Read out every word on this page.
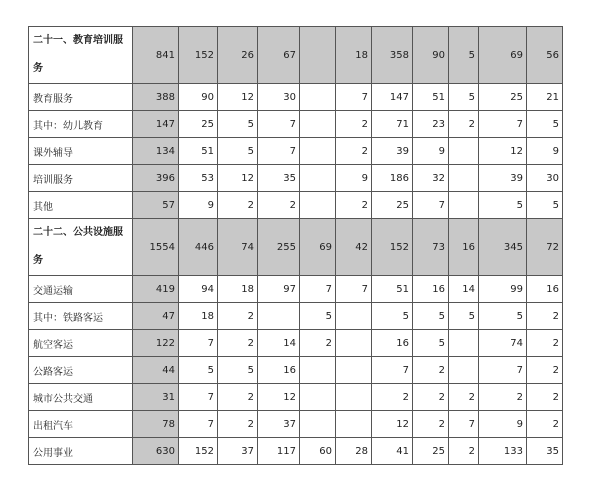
二十一、教育培训服务	841	152	26	67		18	358	90	5	69	56
教育服务	388	90	12	30		7	147	51	5	25	21
其中：幼儿教育	147	25	5	7		2	71	23	2	7	5
课外辅导	134	51	5	7		2	39	9		12	9
培训服务	396	53	12	35		9	186	32		39	30
其他	57	9	2	2		2	25	7		5	5
二十二、公共设施服务	1554	446	74	255	69	42	152	73	16	345	72
交通运输	419	94	18	97	7	7	51	16	14	99	16
其中：铁路客运	47	18	2		5		5	5	5	5	2
航空客运	122	7	2	14	2		16	5		74	2
公路客运	44	5	5	16			7	2		7	2
城市公共交通	31	7	2	12			2	2	2	2	2
出租汽车	78	7	2	37			12	2	7	9	2
公用事业	630	152	37	117	60	28	41	25	2	133	35
